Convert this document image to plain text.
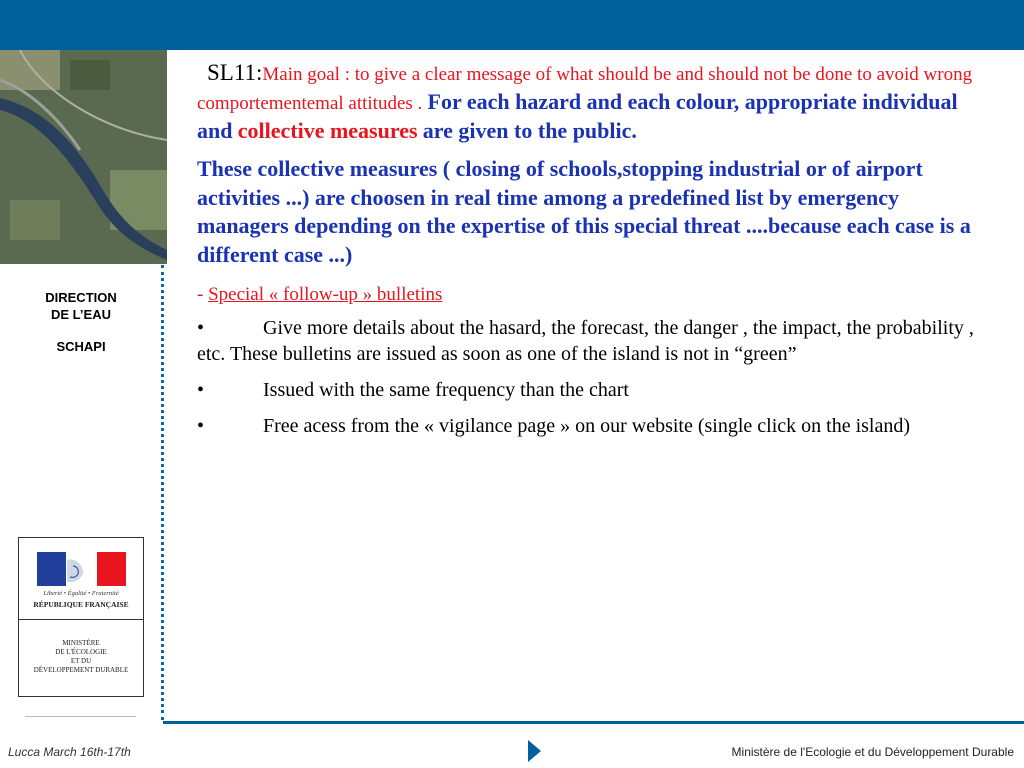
DIRECTION
DE L’EAU
SCHAPI
Liberté • Égalité • Fraternité
RÉPUBLIQUE FRANÇAISE
MINISTÈRE
DE L'ÉCOLOGIE
ET DU
DÉVELOPPEMENT DURABLE

SL11:Main goal : to give a clear message of what should be and should not be done to avoid wrong comportementemal attitudes . For each hazard and each colour, appropriate individual and collective measures are given to the public.

These collective measures ( closing of schools,stopping industrial or of airport activities ...) are choosen in real time among a predefined list by emergency managers depending on the expertise of this special threat ....because each case is a different case ...)

- Special « follow-up » bulletins

•	Give more details about the hasard, the forecast, the danger , the impact, the probability , etc. These bulletins are issued as soon as one of the island is not in “green”

•	Issued with the same frequency than the chart

•	Free acess from the « vigilance page » on our website (single click on the island)

Lucca March 16th-17th	Ministère de l'Ecologie et du Développement Durable
